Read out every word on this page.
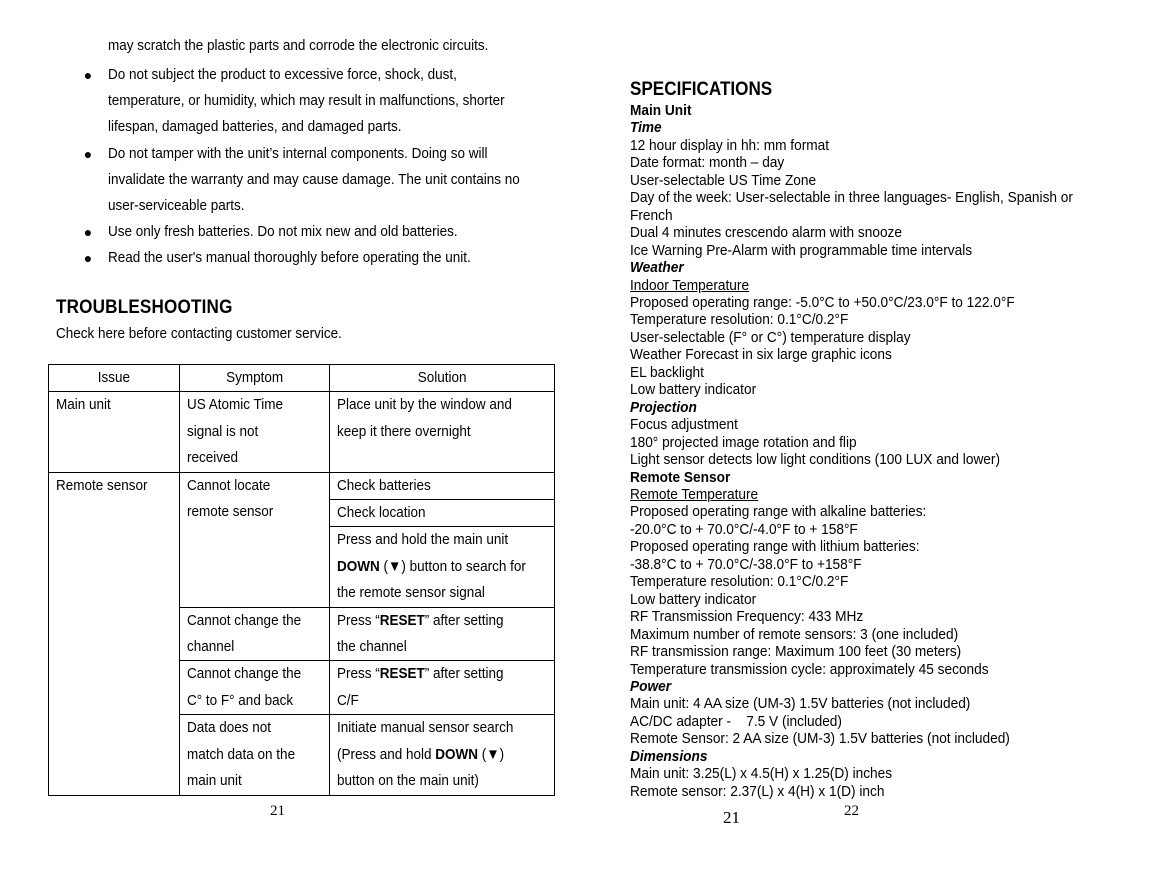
may scratch the plastic parts and corrode the electronic circuits.
● Do not subject the product to excessive force, shock, dust, temperature, or humidity, which may result in malfunctions, shorter lifespan, damaged batteries, and damaged parts.
● Do not tamper with the unit’s internal components. Doing so will invalidate the warranty and may cause damage. The unit contains no user-serviceable parts.
● Use only fresh batteries. Do not mix new and old batteries.
● Read the user's manual thoroughly before operating the unit.
TROUBLESHOOTING
Check here before contacting customer service.
Issue	Symptom	Solution
Main unit	US Atomic Time signal is not received	Place unit by the window and keep it there overnight
Remote sensor	Cannot locate remote sensor	Check batteries
		Check location
		Press and hold the main unit DOWN (▼) button to search for the remote sensor signal
	Cannot change the channel	Press “RESET” after setting the channel
	Cannot change the C° to F° and back	Press “RESET” after setting C/F
	Data does not match data on the main unit	Initiate manual sensor search (Press and hold DOWN (▼) button on the main unit)
21
SPECIFICATIONS
Main Unit
Time
12 hour display in hh: mm format
Date format: month – day
User-selectable US Time Zone
Day of the week: User-selectable in three languages- English, Spanish or French
Dual 4 minutes crescendo alarm with snooze
Ice Warning Pre-Alarm with programmable time intervals
Weather
Indoor Temperature
Proposed operating range: -5.0°C to +50.0°C/23.0°F to 122.0°F
Temperature resolution: 0.1°C/0.2°F
User-selectable (F° or C°) temperature display
Weather Forecast in six large graphic icons
EL backlight
Low battery indicator
Projection
Focus adjustment
180° projected image rotation and flip
Light sensor detects low light conditions (100 LUX and lower)
Remote Sensor
Remote Temperature
Proposed operating range with alkaline batteries:
-20.0°C to + 70.0°C/-4.0°F to + 158°F
Proposed operating range with lithium batteries:
-38.8°C to + 70.0°C/-38.0°F to +158°F
Temperature resolution: 0.1°C/0.2°F
Low battery indicator
RF Transmission Frequency: 433 MHz
Maximum number of remote sensors: 3 (one included)
RF transmission range: Maximum 100 feet (30 meters)
Temperature transmission cycle: approximately 45 seconds
Power
Main unit: 4 AA size (UM-3) 1.5V batteries (not included)
AC/DC adapter -    7.5 V (included)
Remote Sensor: 2 AA size (UM-3) 1.5V batteries (not included)
Dimensions
Main unit: 3.25(L) x 4.5(H) x 1.25(D) inches
Remote sensor: 2.37(L) x 4(H) x 1(D) inch
21	22
